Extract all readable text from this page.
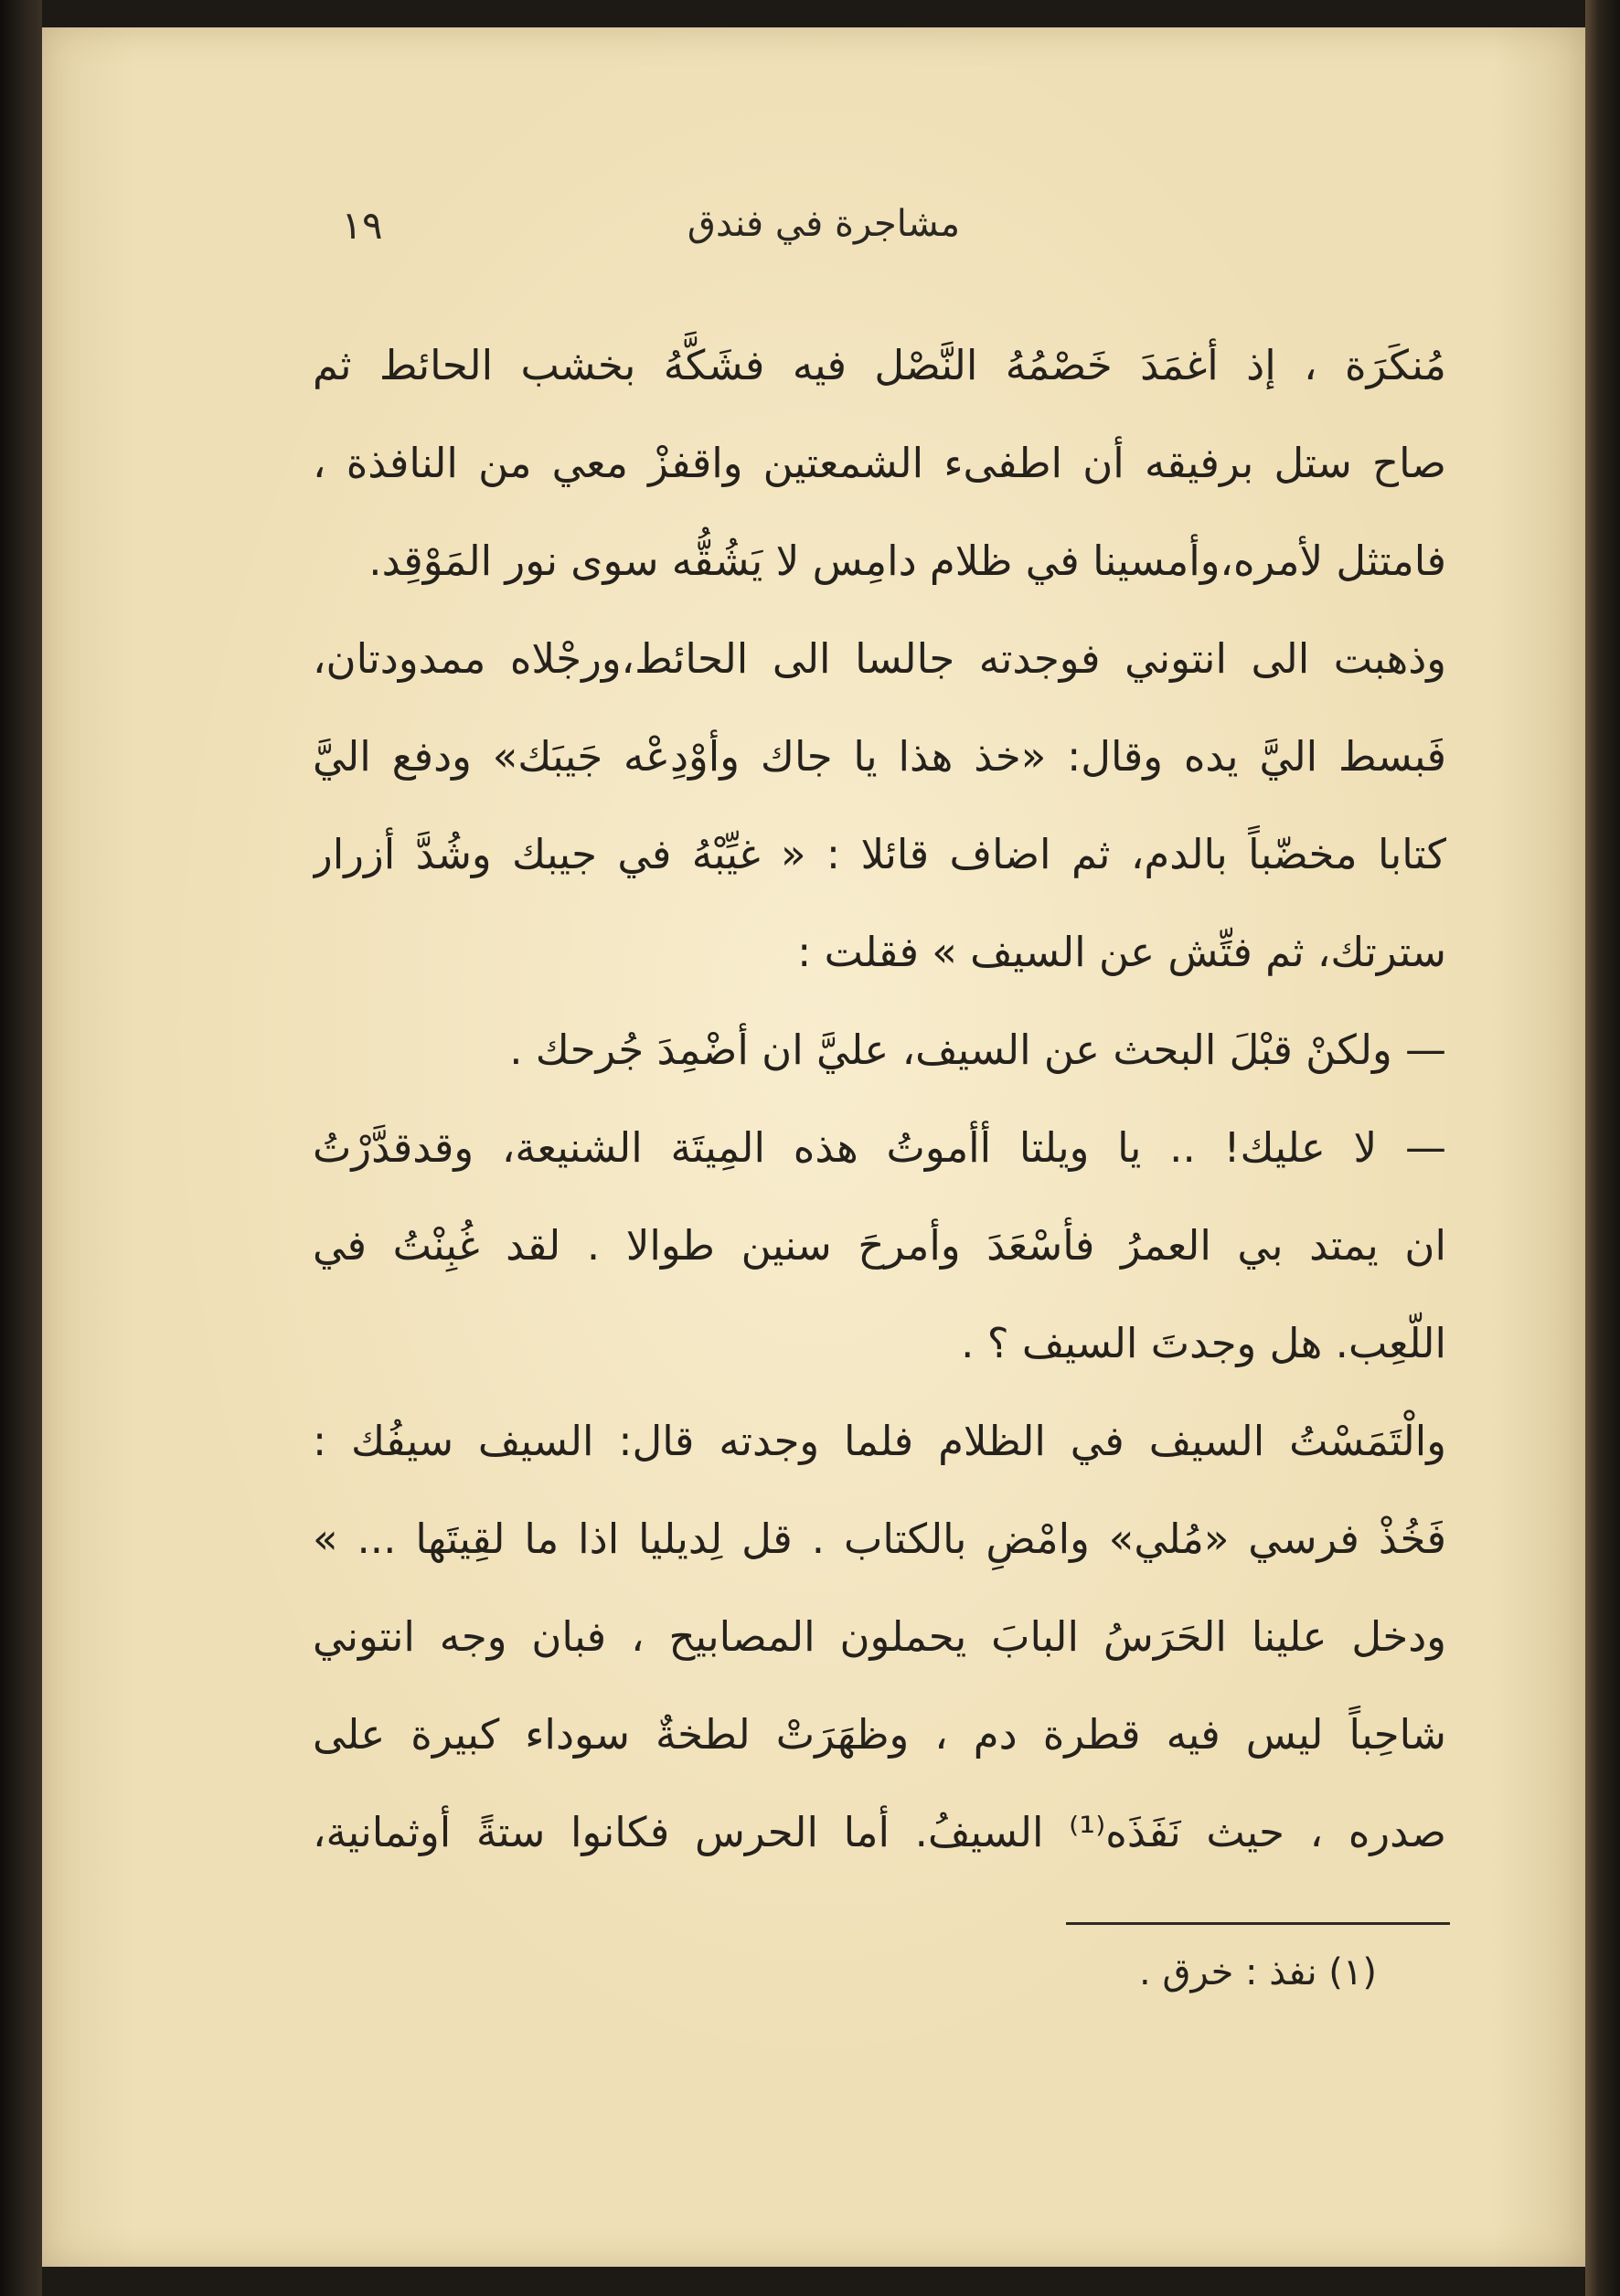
مشاجرة في فندق
١٩
مُنكَرَة ، إذ أغمَدَ خَصْمُهُ النَّصْل فيه فشَكَّهُ بخشب الحائط ثم
صاح ستل برفيقه أن اطفىء الشمعتين واقفزْ معي من النافذة ،
فامتثل لأمره،وأمسينا في ظلام دامِس لا يَشُقُّه سوى نور المَوْقِد.
وذهبت الى انتوني فوجدته جالسا الى الحائط،ورجْلاه ممدودتان،
فَبسط اليَّ يده وقال: «خذ هذا يا جاك وأوْدِعْه جَيبَك» ودفع اليَّ
كتابا مخضّباً بالدم، ثم اضاف قائلا : « غيِّبْهُ في جيبك وشُدَّ أزرار
سترتك، ثم فتِّش عن السيف » فقلت :
— ولكنْ قبْلَ البحث عن السيف، عليَّ ان أضْمِدَ جُرحك .
— لا عليك! .. يا ويلتا أأموتُ هذه المِيتَة الشنيعة، وقدقدَّرْتُ
ان يمتد بي العمرُ فأسْعَدَ وأمرحَ سنين طوالا . لقد غُبِنْتُ في
اللّعِب. هل وجدتَ السيف ؟ .
والْتَمَسْتُ السيف في الظلام فلما وجدته قال: السيف سيفُك :
فَخُذْ فرسي «مُلي» وامْضِ بالكتاب . قل لِديليا اذا ما لقِيتَها ... »
ودخل علينا الحَرَسُ البابَ يحملون المصابيح ، فبان وجه انتوني
شاحِباً ليس فيه قطرة دم ، وظهَرَتْ لطخةٌ سوداء كبيرة على
صدره ، حيث نَفَذَه⁽¹⁾ السيفُ. أما الحرس فكانوا ستةً أوثمانية،
(١) نفذ : خرق .
